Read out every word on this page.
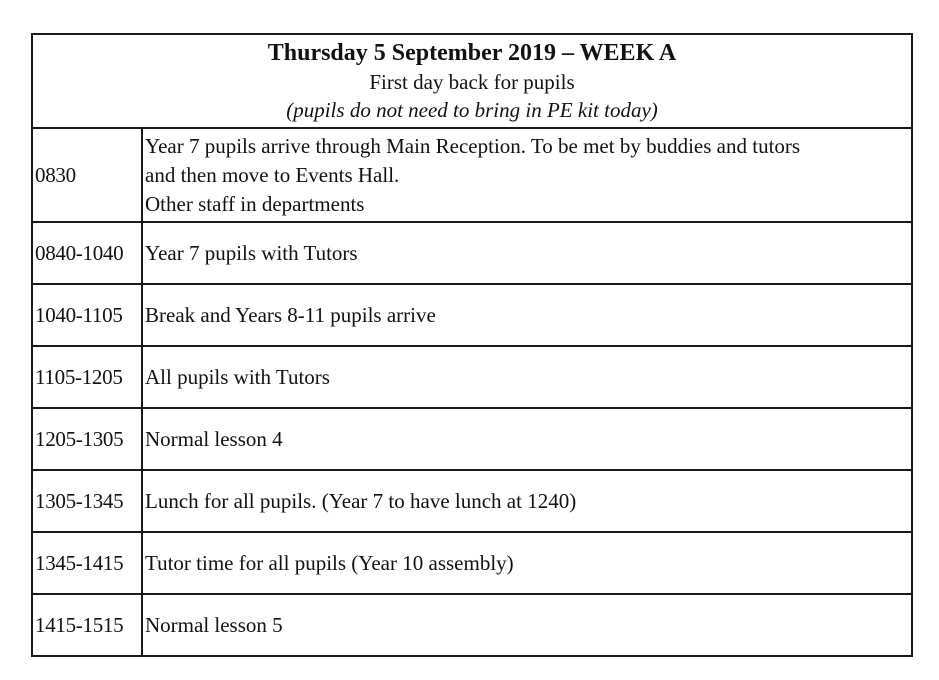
Thursday 5 September 2019 – WEEK A
First day back for pupils
(pupils do not need to bring in PE kit today)	

0830	Year 7 pupils arrive through Main Reception. To be met by buddies and tutors
and then move to Events Hall.
Other staff in departments

0840-1040	Year 7 pupils with Tutors

1040-1105	Break and Years 8-11 pupils arrive

1105-1205	All pupils with Tutors

1205-1305	Normal lesson 4

1305-1345	Lunch for all pupils. (Year 7 to have lunch at 1240)

1345-1415	Tutor time for all pupils (Year 10 assembly)

1415-1515	Normal lesson 5
